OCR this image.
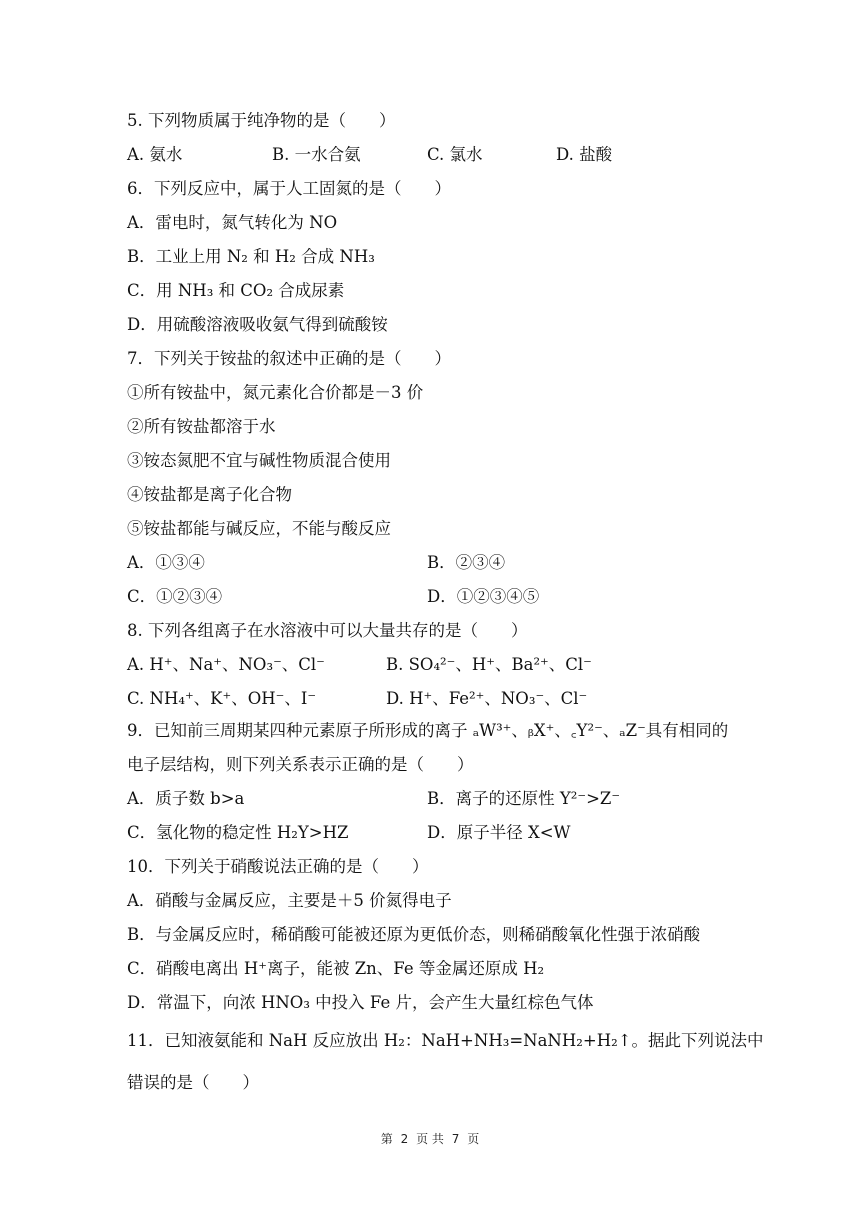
5. 下列物质属于纯净物的是（　　）
A. 氨水	B. 一水合氨	C. 氯水	D. 盐酸
6．下列反应中，属于人工固氮的是（　　）
A．雷电时，氮气转化为 NO
B．工业上用 N₂ 和 H₂ 合成 NH₃
C．用 NH₃ 和 CO₂ 合成尿素
D．用硫酸溶液吸收氨气得到硫酸铵
7．下列关于铵盐的叙述中正确的是（　　）
①所有铵盐中，氮元素化合价都是－3 价
②所有铵盐都溶于水
③铵态氮肥不宜与碱性物质混合使用
④铵盐都是离子化合物
⑤铵盐都能与碱反应，不能与酸反应
A．①③④	B．②③④
C．①②③④	D．①②③④⑤
8. 下列各组离子在水溶液中可以大量共存的是（　　）
A. H⁺、Na⁺、NO₃⁻、Cl⁻	B. SO₄²⁻、H⁺、Ba²⁺、Cl⁻
C. NH₄⁺、K⁺、OH⁻、I⁻	D. H⁺、Fe²⁺、NO₃⁻、Cl⁻
9．已知前三周期某四种元素原子所形成的离子 ₐW³⁺、ᵦX⁺、꜀Y²⁻、ₐZ⁻具有相同的
电子层结构，则下列关系表示正确的是（　　）
A．质子数 b>a	B．离子的还原性 Y²⁻>Z⁻
C．氢化物的稳定性 H₂Y>HZ	D．原子半径 X<W
10．下列关于硝酸说法正确的是（　　）
A．硝酸与金属反应，主要是＋5 价氮得电子
B．与金属反应时，稀硝酸可能被还原为更低价态，则稀硝酸氧化性强于浓硝酸
C．硝酸电离出 H⁺离子，能被 Zn、Fe 等金属还原成 H₂
D．常温下，向浓 HNO₃ 中投入 Fe 片，会产生大量红棕色气体
11．已知液氨能和 NaH 反应放出 H₂：NaH+NH₃=NaNH₂+H₂↑。据此下列说法中
错误的是（　　）
第 2 页 共 7 页
